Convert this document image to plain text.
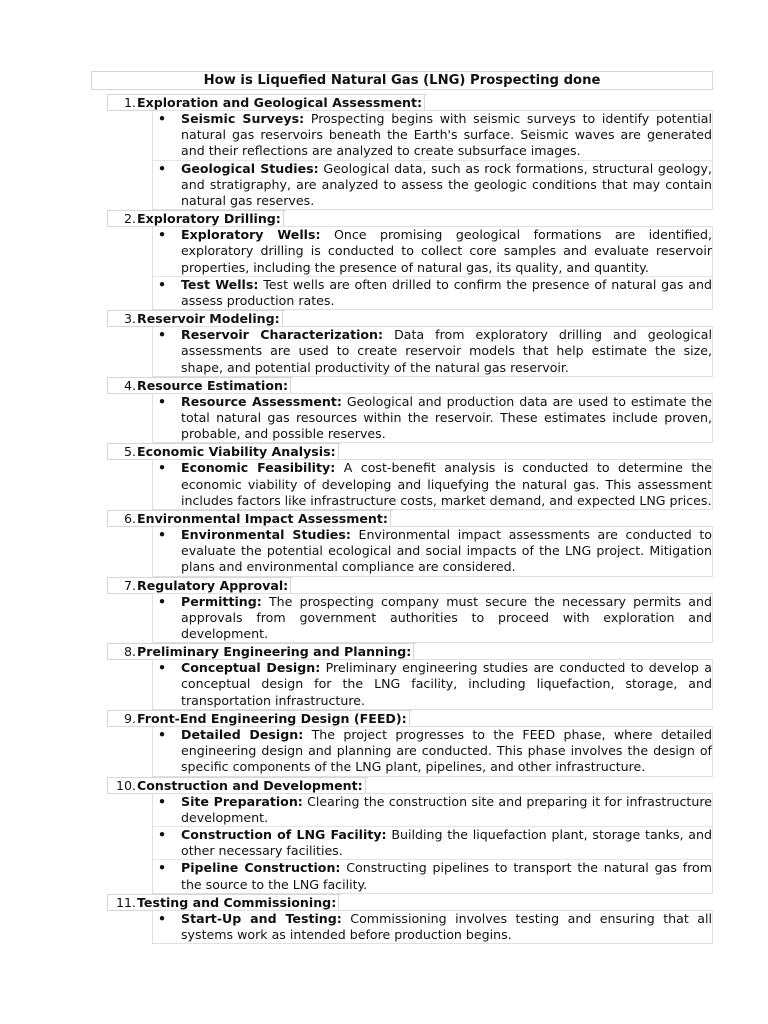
How is Liquefied Natural Gas (LNG) Prospecting done
1.Exploration and Geological Assessment:
• Seismic Surveys: Prospecting begins with seismic surveys to identify potential natural gas reservoirs beneath the Earth's surface. Seismic waves are generated and their reflections are analyzed to create subsurface images.
• Geological Studies: Geological data, such as rock formations, structural geology, and stratigraphy, are analyzed to assess the geologic conditions that may contain natural gas reserves.
2.Exploratory Drilling:
• Exploratory Wells: Once promising geological formations are identified, exploratory drilling is conducted to collect core samples and evaluate reservoir properties, including the presence of natural gas, its quality, and quantity.
• Test Wells: Test wells are often drilled to confirm the presence of natural gas and assess production rates.
3.Reservoir Modeling:
• Reservoir Characterization: Data from exploratory drilling and geological assessments are used to create reservoir models that help estimate the size, shape, and potential productivity of the natural gas reservoir.
4.Resource Estimation:
• Resource Assessment: Geological and production data are used to estimate the total natural gas resources within the reservoir. These estimates include proven, probable, and possible reserves.
5.Economic Viability Analysis:
• Economic Feasibility: A cost-benefit analysis is conducted to determine the economic viability of developing and liquefying the natural gas. This assessment includes factors like infrastructure costs, market demand, and expected LNG prices.
6.Environmental Impact Assessment:
• Environmental Studies: Environmental impact assessments are conducted to evaluate the potential ecological and social impacts of the LNG project. Mitigation plans and environmental compliance are considered.
7.Regulatory Approval:
• Permitting: The prospecting company must secure the necessary permits and approvals from government authorities to proceed with exploration and development.
8.Preliminary Engineering and Planning:
• Conceptual Design: Preliminary engineering studies are conducted to develop a conceptual design for the LNG facility, including liquefaction, storage, and transportation infrastructure.
9.Front-End Engineering Design (FEED):
• Detailed Design: The project progresses to the FEED phase, where detailed engineering design and planning are conducted. This phase involves the design of specific components of the LNG plant, pipelines, and other infrastructure.
10.Construction and Development:
• Site Preparation: Clearing the construction site and preparing it for infrastructure development.
• Construction of LNG Facility: Building the liquefaction plant, storage tanks, and other necessary facilities.
• Pipeline Construction: Constructing pipelines to transport the natural gas from the source to the LNG facility.
11.Testing and Commissioning:
• Start-Up and Testing: Commissioning involves testing and ensuring that all systems work as intended before production begins.
